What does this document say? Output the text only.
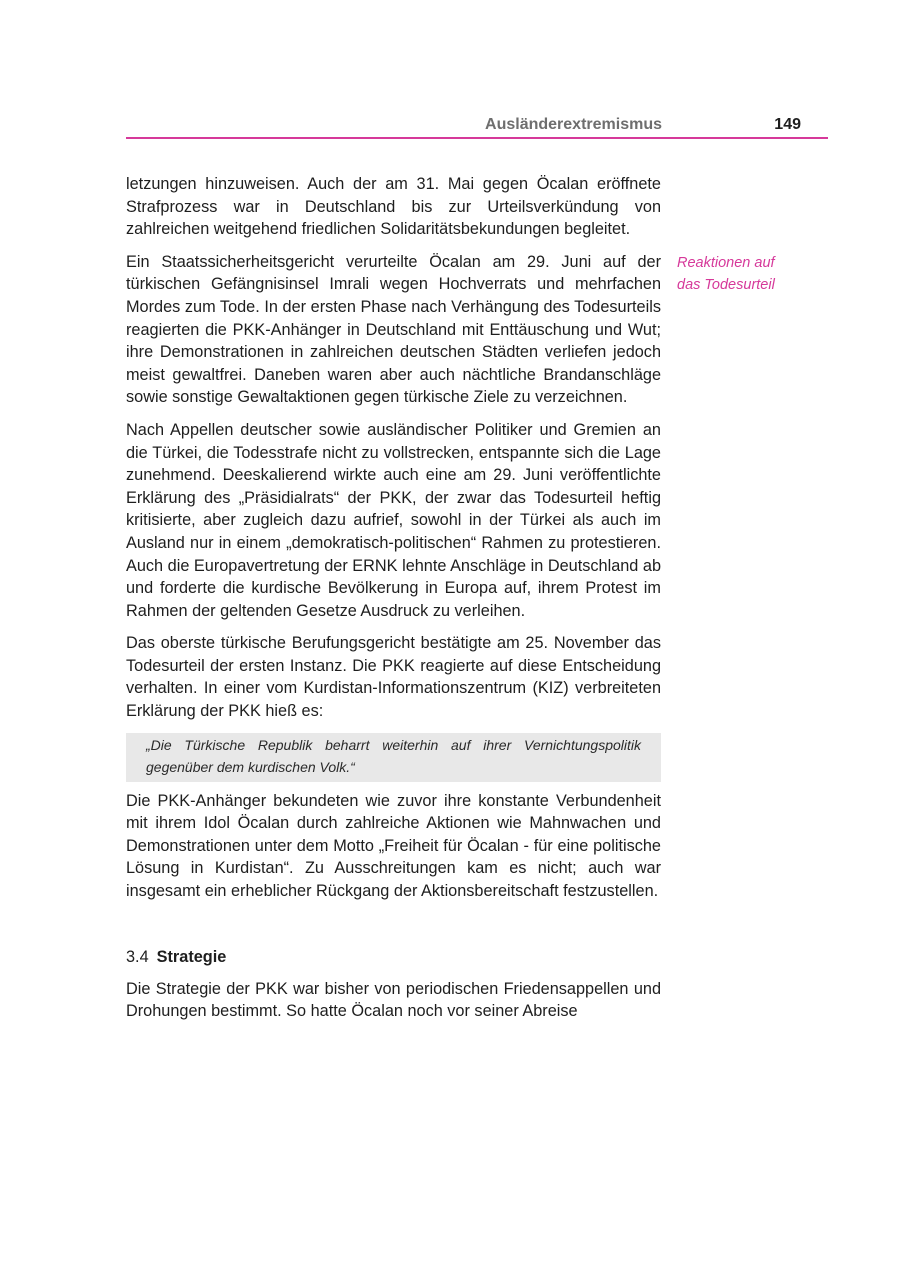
Ausländerextremismus	149
Reaktionen auf
das Todesurteil

letzungen hinzuweisen. Auch der am 31. Mai gegen Öcalan eröffnete Strafprozess war in Deutschland bis zur Urteilsverkündung von zahlreichen weitgehend friedlichen Solidaritätsbekundungen begleitet.

Ein Staatssicherheitsgericht verurteilte Öcalan am 29. Juni auf der türkischen Gefängnisinsel Imrali wegen Hochverrats und mehrfachen Mordes zum Tode. In der ersten Phase nach Verhängung des Todesurteils reagierten die PKK-Anhänger in Deutschland mit Enttäuschung und Wut; ihre Demonstrationen in zahlreichen deutschen Städten verliefen jedoch meist gewaltfrei. Daneben waren aber auch nächtliche Brandanschläge sowie sonstige Gewaltaktionen gegen türkische Ziele zu verzeichnen.

Nach Appellen deutscher sowie ausländischer Politiker und Gremien an die Türkei, die Todesstrafe nicht zu vollstrecken, entspannte sich die Lage zunehmend. Deeskalierend wirkte auch eine am 29. Juni veröffentlichte Erklärung des „Präsidialrats“ der PKK, der zwar das Todesurteil heftig kritisierte, aber zugleich dazu aufrief, sowohl in der Türkei als auch im Ausland nur in einem „demokratisch-politischen“ Rahmen zu protestieren. Auch die Europavertretung der ERNK lehnte Anschläge in Deutschland ab und forderte die kurdische Bevölkerung in Europa auf, ihrem Protest im Rahmen der geltenden Gesetze Ausdruck zu verleihen.

Das oberste türkische Berufungsgericht bestätigte am 25. November das Todesurteil der ersten Instanz. Die PKK reagierte auf diese Entscheidung verhalten. In einer vom Kurdistan-Informationszentrum (KIZ) verbreiteten Erklärung der PKK hieß es:

„Die Türkische Republik beharrt weiterhin auf ihrer Vernichtungspolitik gegenüber dem kurdischen Volk.“

Die PKK-Anhänger bekundeten wie zuvor ihre konstante Verbundenheit mit ihrem Idol Öcalan durch zahlreiche Aktionen wie Mahnwachen und Demonstrationen unter dem Motto „Freiheit für Öcalan - für eine politische Lösung in Kurdistan“. Zu Ausschreitungen kam es nicht; auch war insgesamt ein erheblicher Rückgang der Aktionsbereitschaft festzustellen.

3.4 Strategie

Die Strategie der PKK war bisher von periodischen Friedensappellen und Drohungen bestimmt. So hatte Öcalan noch vor seiner Abreise
